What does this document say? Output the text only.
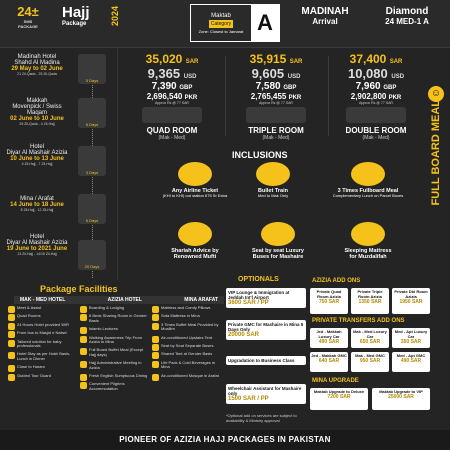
24±
SMS
PACKAGE
Hajj
Package	2024	Maktab
Category
Zone: Closest to Jamarat A	MADINAH
Arrival
Diamond
24 MED-1 A
Madinah Hotel
Shahd Al Madina
29 May to 02 June
21 Zil-Qada - 25 Zil-Qada
5 Days
Makkah
Movenpick / Swiss Maqam
02 June to 10 June
25 Zil-Qada - 4 Zil-Hajj	8 Days
Hotel
Diyar Al Mashair Azizia
10 June to 13 June
4 Zil-Hajj - 7 Zil-Hajj
3 Days
Mina / Arafat
14 June to 18 June
8 Zil-Hajj - 12 Zil-Hajj
5 Days
Hotel
Diyar Al Mashair Azizia
19 June to 2021 June
13 Zil-Hajj - 14/15 Zil-Hajj
20 Days
35,020 SAR
9,365 USD
7,390 GBP
2,696,540 PKR
Approx Rs @ 77 SAR
QUAD ROOM
(Mak - Med)
35,915 SAR
9,605 USD
7,580 GBP
2,765,455 PKR
Approx Rs @ 77 SAR
TRIPLE ROOM
(Mak - Med)
37,400 SAR
10,080 USD
7,960 GBP
2,902,800 PKR
Approx Rs @ 77 SAR
DOUBLE ROOM
(Mak - Med)
☺
FULL BOARD MEAL
INCLUSIONS
Any Airline Ticket
(KHI to KHI) out station 675 Sr Extra
Bullet Train
Med to Mak Only
3 Times Fullboard Meal
Complementary Lunch on Parcel Boxes
Shariah Advice by
Renowned Mufti
Seat by seat Luxury
Buses for Mashaire
Sleeping Mattress
for Muzdalifah
Package Facilities
MAK - MED HOTEL	AZIZIA HOTEL	MINA ARAFAT
Meet & Assist
Quad Rooms
24 Hours Hotel provided WiFi
From bus to Masjid e Nabwi
Tailored solution for baby professionals
Hotel Stay as per Hotel Basis, Lunch in Dinner
Close to Haram
Guided Tour Guard
Boarding & Lodging
6 Beds Sharing Room in Gender Basis
Islamic Lectures
Walking Awareness Trip From Azizia to Mina
Full Board Buffet Meal (Except Hajj days)
Hajj Administrative Meeting in Azizia
Fresh English Sumptuous Dining
Convenient Pilgrims Accommodation
Mattress and Comfy Pillows
Sofa Mattress in Mina
3 Times Buffet Meal Provided by Moallim
Air-conditioned Upstairs Tent
Seat by Seat Separate Buses
Shared Tent at Gender Basis
Life Pack & Cold Beverages in Mina
Air-conditioned Mosque in Arafat
OPTIONALS
VIP Lounge & Immigration at Jeddah Int'l Airport
3600 SAR / PP
Private GMC for Mashaire in Mina 5 Days Only
20000 SAR
Upgradation to Business Class
Wheelchair Assistant for Mashaire only
1500 SAR / PP
*Optional add on services are subject to availability & Ministry approval
AZIZIA ADD ONS
Private Quad Room Azizia
750 SAR
Private Triple Room Azizia
1350 SAR
Private Dbl Room Azizia
1950 SAR
PRIVATE TRANSFERS ADD ONS
Jed - Makkah Luxury Car
490 SAR
Mak - Med Luxury Car
650 SAR
Med - Apt Luxury Car
350 SAR
Jed - Makkah GMC
640 SAR
Mak - Med GMC
950 SAR
Med - Apt GMC
490 SAR
MINA UPGRADE
Maktab Upgrade to Deluxe
7200 SAR
Maktab Upgrade to VIP
25000 SAR
PIONEER OF AZIZIA HAJJ PACKAGES IN PAKISTAN
